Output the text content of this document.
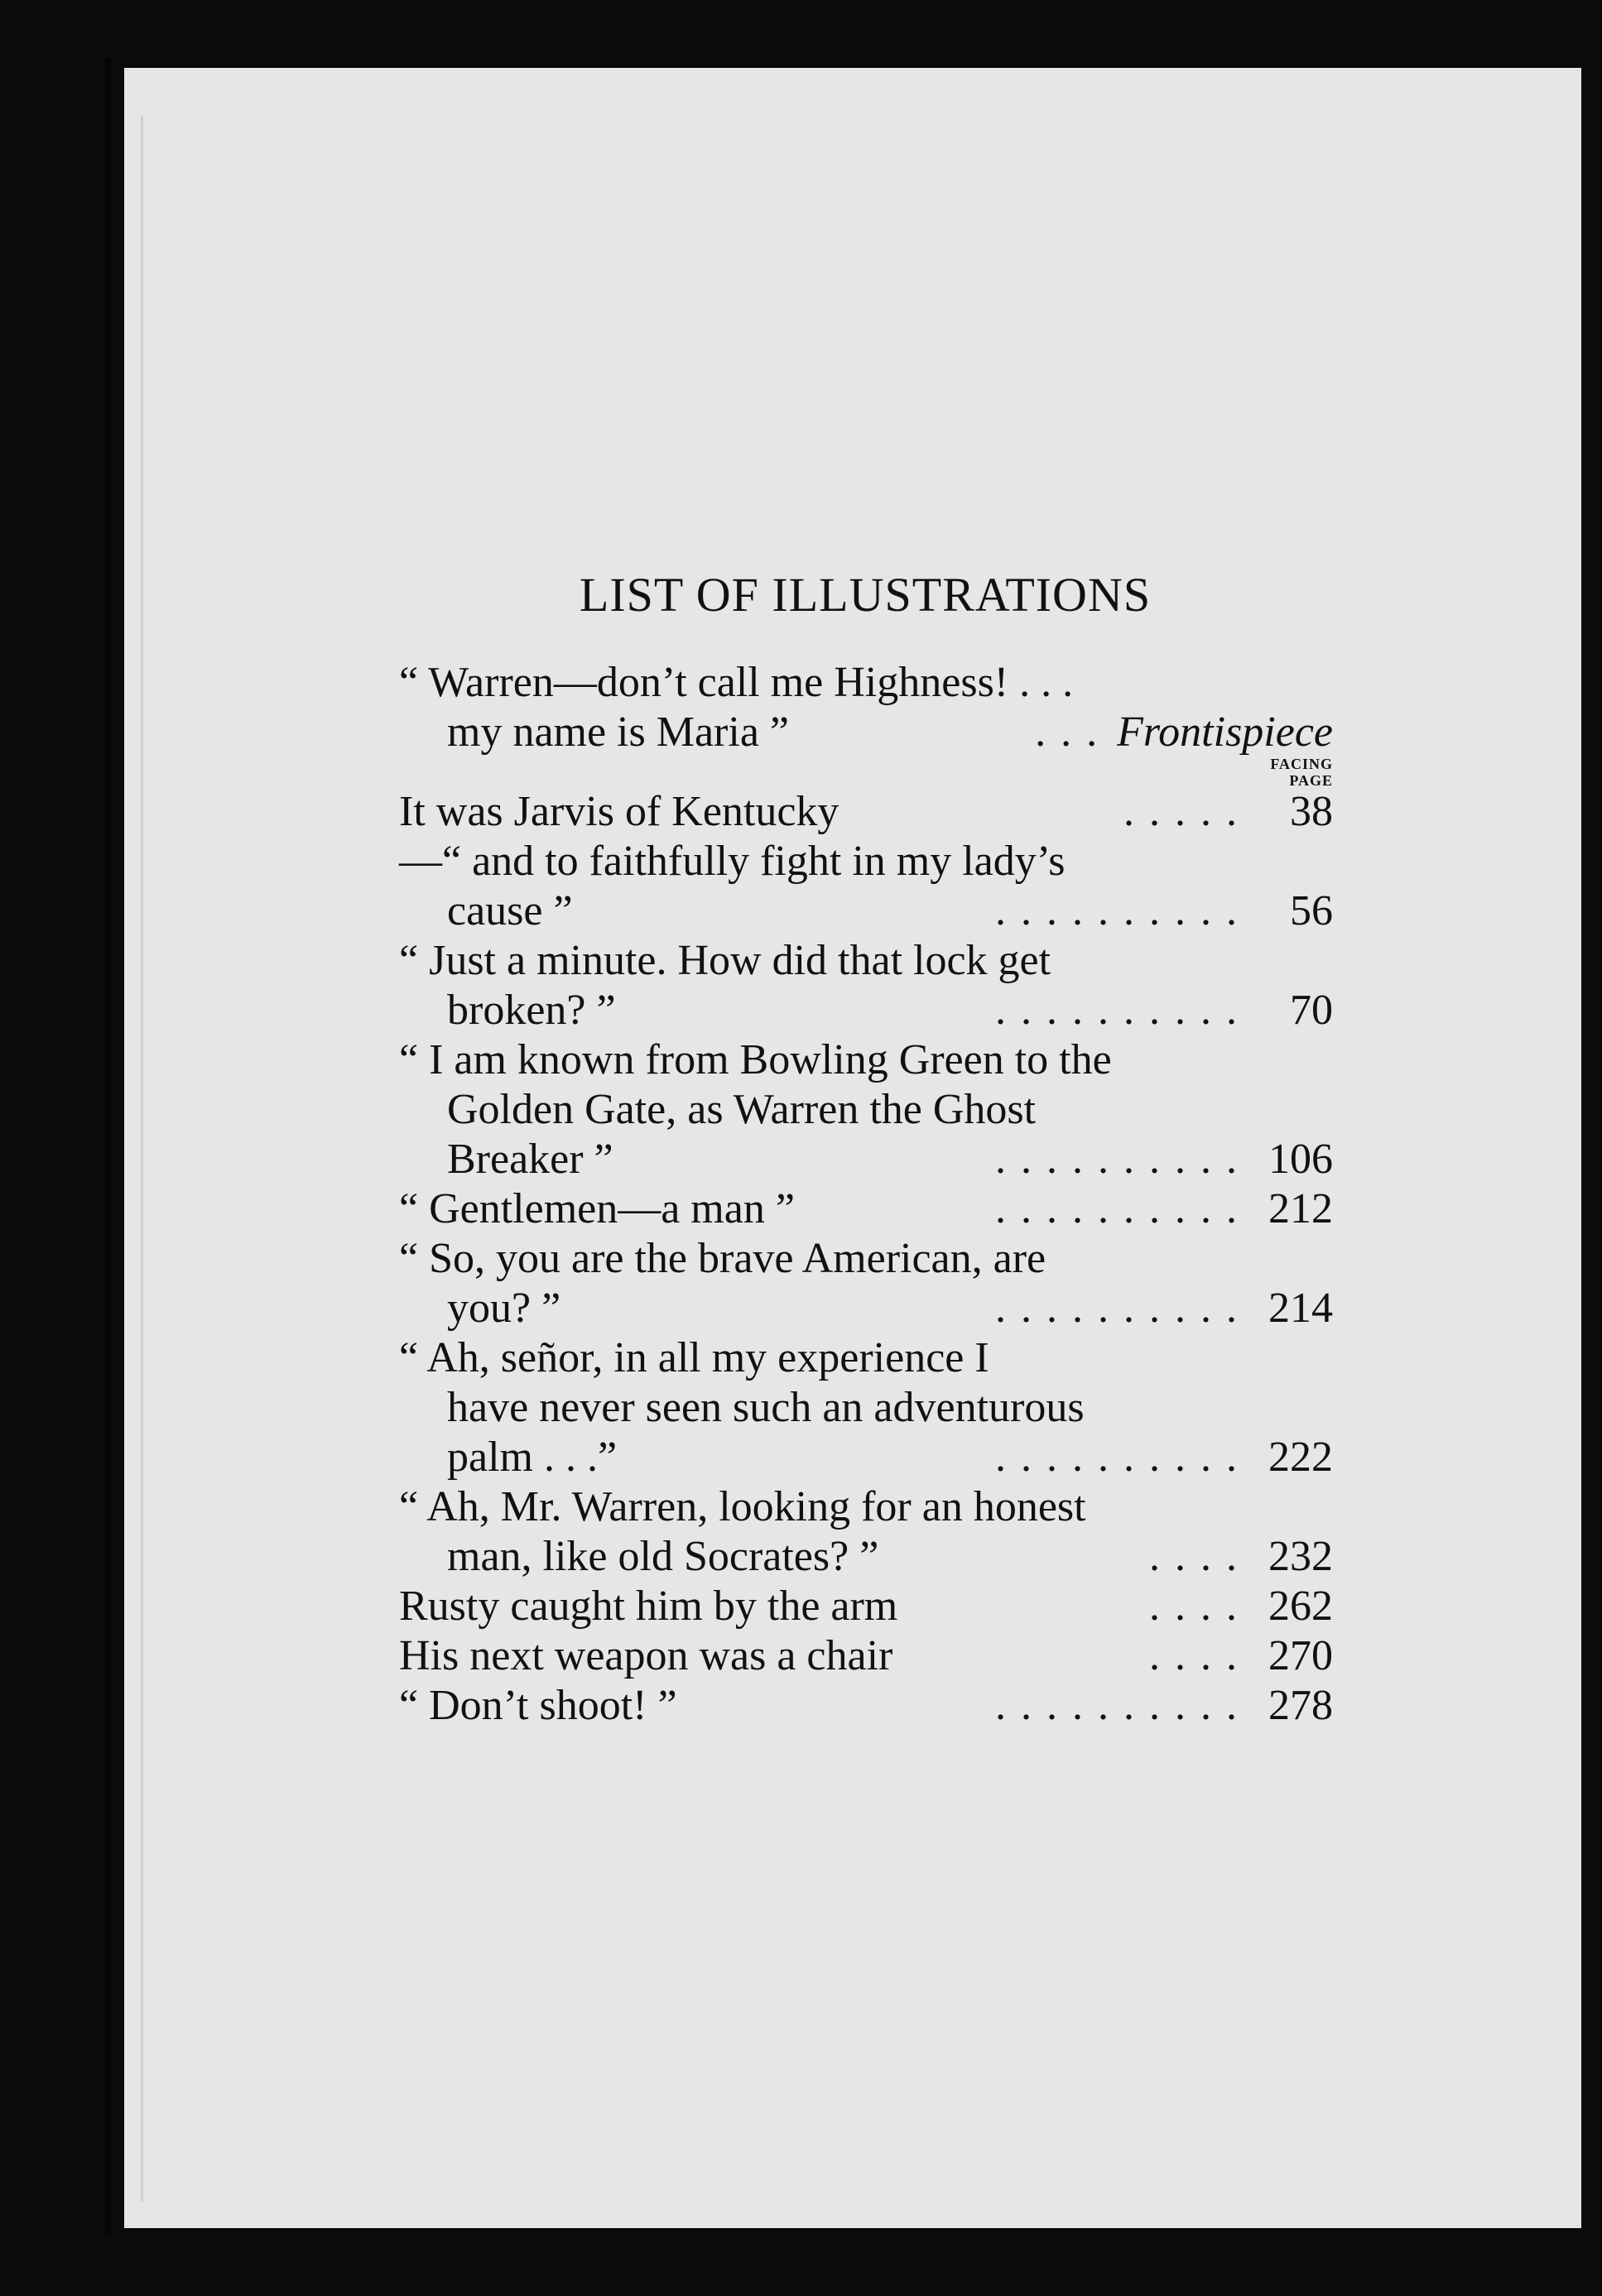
LIST OF ILLUSTRATIONS
“ Warren—don’t call me Highness! . . .
my name is Maria ”	... Frontispiece
FACING
PAGE
It was Jarvis of Kentucky	..... 38
—“ and to faithfully fight in my lady’s
cause ”	.......... 56
“ Just a minute. How did that lock get
broken? ”	.......... 70
“ I am known from Bowling Green to the
Golden Gate, as Warren the Ghost
Breaker ”	.......... 106
“ Gentlemen—a man ”	.......... 212
“ So, you are the brave American, are
you? ”	.......... 214
“ Ah, señor, in all my experience I
have never seen such an adventurous
palm . . .”	.......... 222
“ Ah, Mr. Warren, looking for an honest
man, like old Socrates? ”	.... 232
Rusty caught him by the arm	.... 262
His next weapon was a chair	.... 270
“ Don’t shoot! ”	.......... 278
